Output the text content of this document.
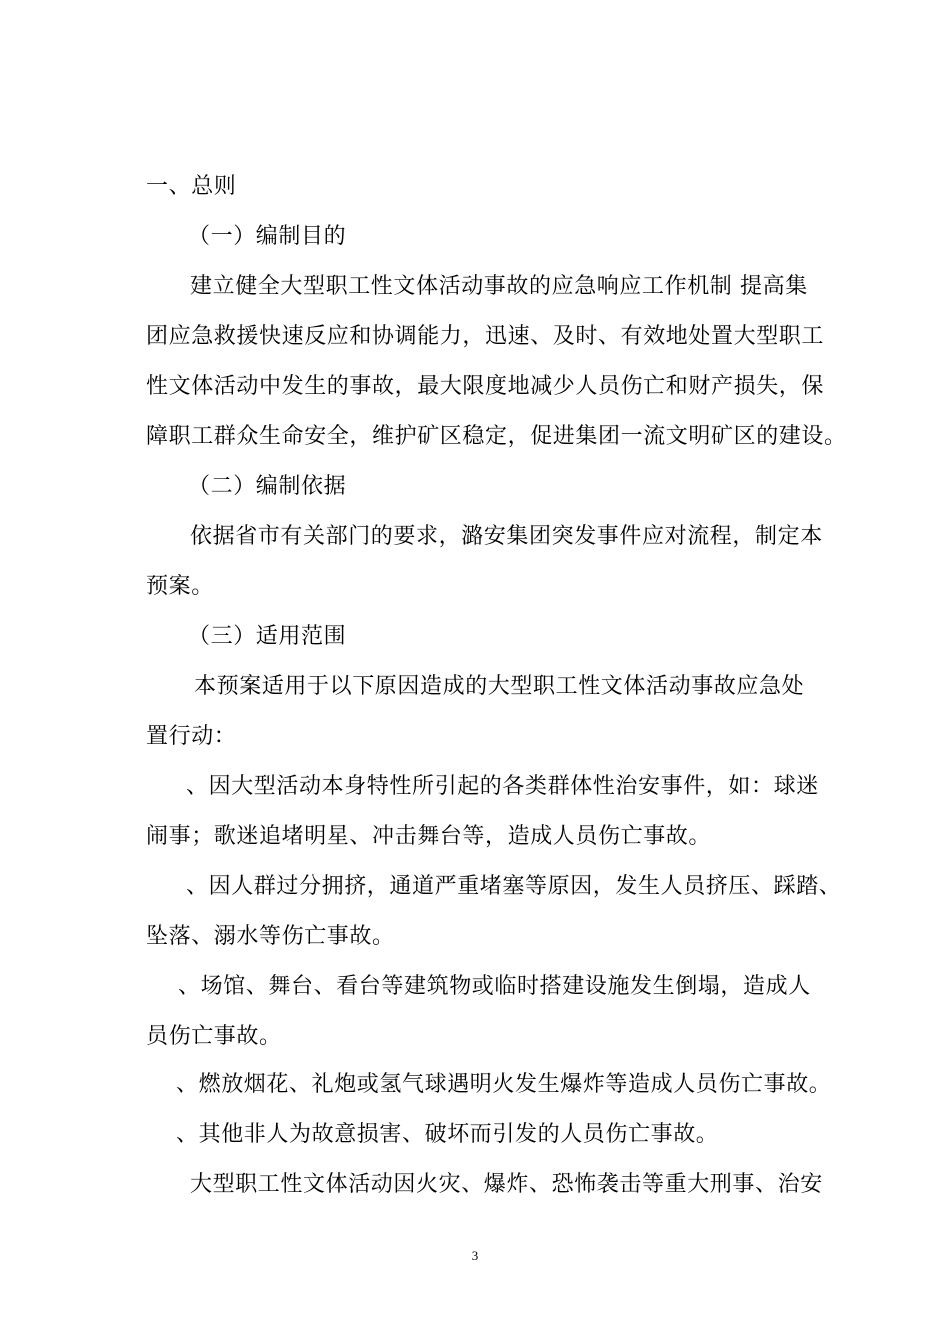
一、总则
（一）编制目的
建立健全大型职工性文体活动事故的应急响应工作机制 提高集
团应急救援快速反应和协调能力，迅速、及时、有效地处置大型职工
性文体活动中发生的事故，最大限度地减少人员伤亡和财产损失，保
障职工群众生命安全，维护矿区稳定，促进集团一流文明矿区的建设。
（二）编制依据
依据省市有关部门的要求，潞安集团突发事件应对流程，制定本
预案。
（三）适用范围
本预案适用于以下原因造成的大型职工性文体活动事故应急处
置行动：
、因大型活动本身特性所引起的各类群体性治安事件，如：球迷
闹事；歌迷追堵明星、冲击舞台等，造成人员伤亡事故。
、因人群过分拥挤，通道严重堵塞等原因，发生人员挤压、踩踏、
坠落、溺水等伤亡事故。
、场馆、舞台、看台等建筑物或临时搭建设施发生倒塌，造成人
员伤亡事故。
、燃放烟花、礼炮或氢气球遇明火发生爆炸等造成人员伤亡事故。
、其他非人为故意损害、破坏而引发的人员伤亡事故。
大型职工性文体活动因火灾、爆炸、恐怖袭击等重大刑事、治安
3
